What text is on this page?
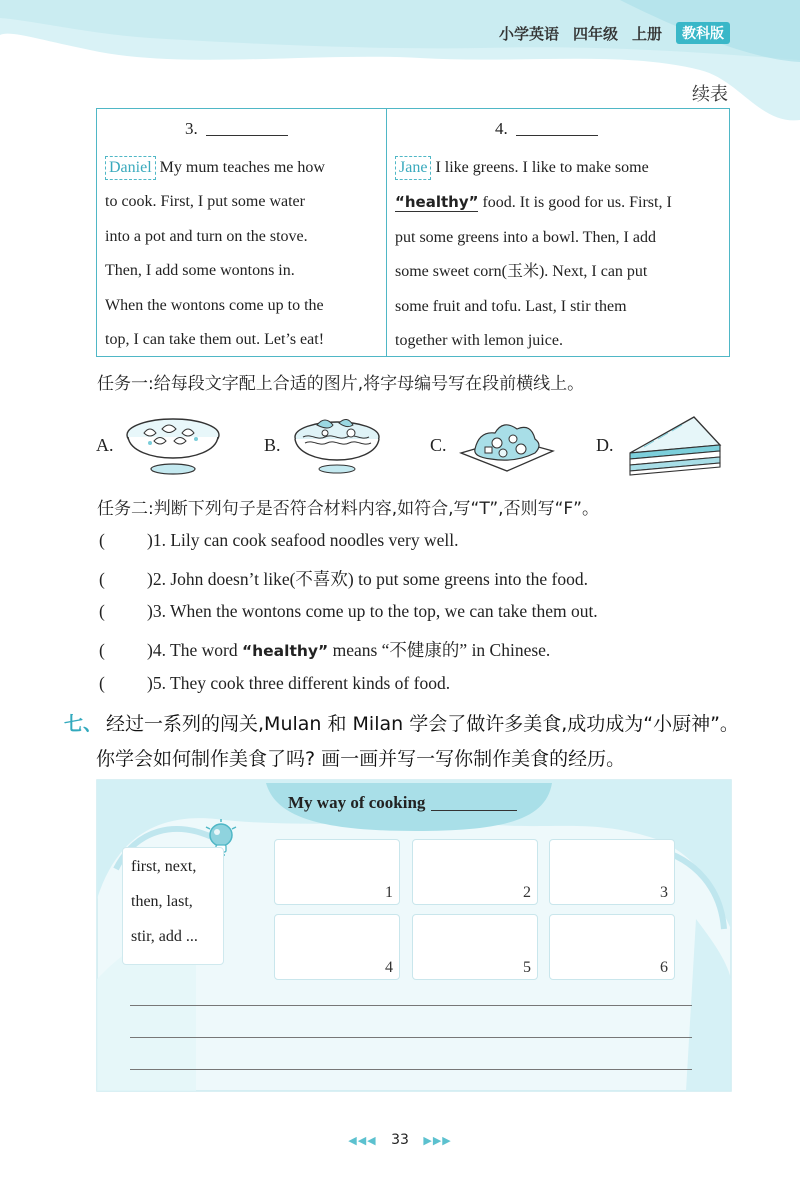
小学英语 四年级 上册	教科版
续表
3.

Daniel My mum teaches me how

to cook. First, I put some water

into a pot and turn on the stove.

Then, I add some wontons in.

When the wontons come up to the

top, I can take them out. Let’s eat!

4.

Jane I like greens. I like to make some

“healthy” food. It is good for us. First, I

put some greens into a bowl. Then, I add

some sweet corn(玉米). Next, I can put

some fruit and tofu. Last, I stir them

together with lemon juice.

任务一:给每段文字配上合适的图片,将字母编号写在段前横线上。
A.	B.	C.	D.
任务二:判断下列句子是否符合材料内容,如符合,写“T”,否则写“F”。
( )1. Lily can cook seafood noodles very well.
( )2. John doesn’t like(不喜欢) to put some greens into the food.
( )3. When the wontons come up to the top, we can take them out.
( )4. The word “healthy” means “不健康的” in Chinese.
( )5. They cook three different kinds of food.
七、 经过一系列的闯关,Mulan 和 Milan 学会了做许多美食,成功成为“小厨神”。
你学会如何制作美食了吗? 画一画并写一写你制作美食的经历。
My way of cooking
first, next,
then, last,
stir, add ...
1	2	3
4	5	6
◀◀◀ 33 ▶▶▶
